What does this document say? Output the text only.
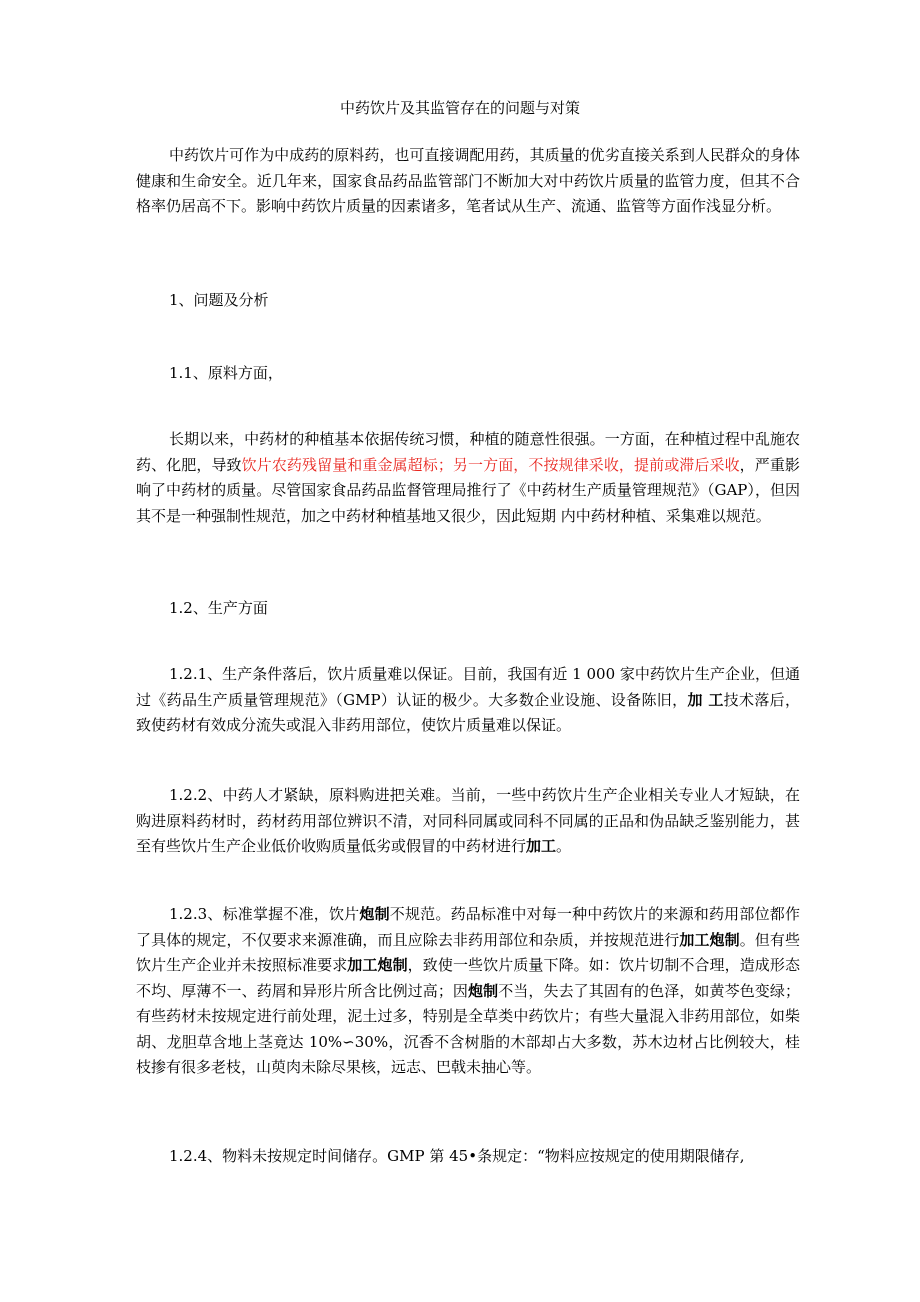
中药饮片及其监管存在的问题与对策

中药饮片可作为中成药的原料药，也可直接调配用药，其质量的优劣直接关系到人民群众的身体健康和生命安全。近几年来，国家食品药品监管部门不断加大对中药饮片质量的监管力度，但其不合格率仍居高不下。影响中药饮片质量的因素诸多，笔者试从生产、流通、监管等方面作浅显分析。

1、问题及分析

1.1、原料方面，

长期以来，中药材的种植基本依据传统习惯，种植的随意性很强。一方面，在种植过程中乱施农药、化肥，导致饮片农药残留量和重金属超标；另一方面，不按规律采收，提前或滞后采收，严重影响了中药材的质量。尽管国家食品药品监督管理局推行了《中药材生产质量管理规范》（GAP），但因其不是一种强制性规范，加之中药材种植基地又很少，因此短期 内中药材种植、采集难以规范。

1.2、生产方面

1.2.1、生产条件落后，饮片质量难以保证。目前，我国有近 1 000 家中药饮片生产企业，但通过《药品生产质量管理规范》（GMP）认证的极少。大多数企业设施、设备陈旧，加 工技术落后，致使药材有效成分流失或混入非药用部位，使饮片质量难以保证。

1.2.2、中药人才紧缺，原料购进把关难。当前，一些中药饮片生产企业相关专业人才短缺，在购进原料药材时，药材药用部位辨识不清，对同科同属或同科不同属的正品和伪品缺乏鉴别能力，甚至有些饮片生产企业低价收购质量低劣或假冒的中药材进行加工。

1.2.3、标准掌握不准，饮片炮制不规范。药品标准中对每一种中药饮片的来源和药用部位都作了具体的规定，不仅要求来源准确，而且应除去非药用部位和杂质，并按规范进行加工炮制。但有些饮片生产企业并未按照标准要求加工炮制，致使一些饮片质量下降。如：饮片切制不合理，造成形态不均、厚薄不一、药屑和异形片所含比例过高；因炮制不当，失去了其固有的色泽，如黄芩色变绿；有些药材未按规定进行前处理，泥土过多，特别是全草类中药饮片；有些大量混入非药用部位，如柴胡、龙胆草含地上茎竟达 10%∽30%，沉香不含树脂的木部却占大多数，苏木边材占比例较大，桂枝掺有很多老枝，山萸肉未除尽果核，远志、巴戟未抽心等。

1.2.4、物料未按规定时间储存。GMP 第 45•条规定：“物料应按规定的使用期限储存,
